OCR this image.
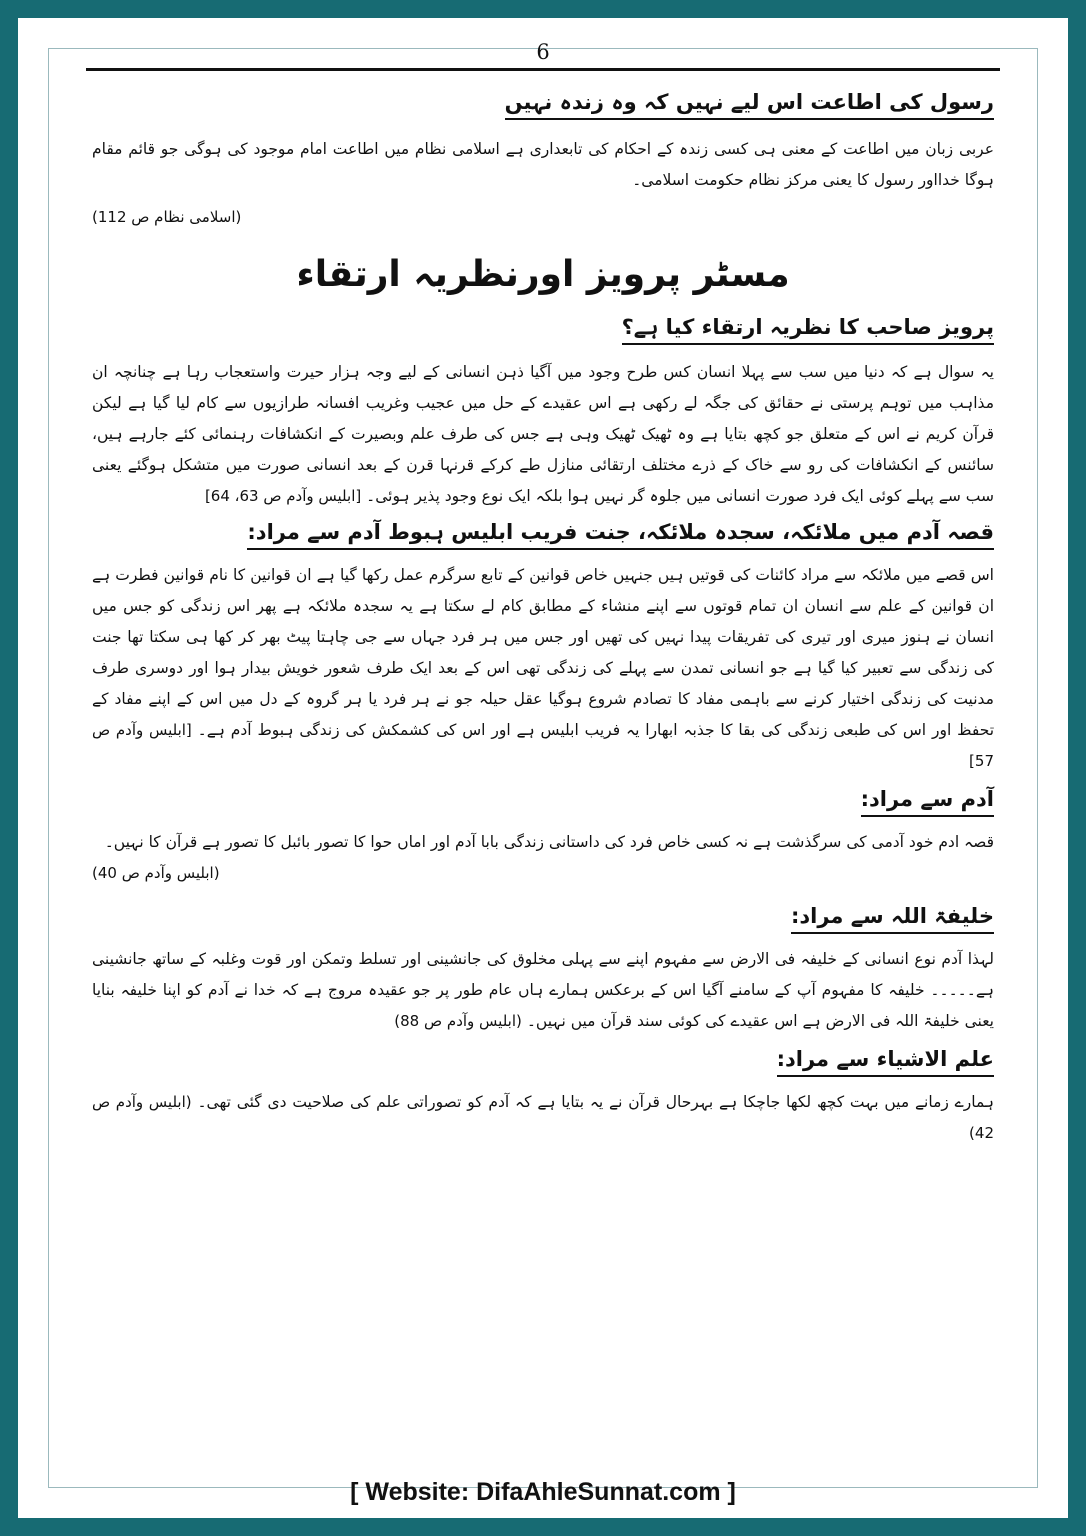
6
رسول کی اطاعت اس لیے نہیں کہ وہ زندہ نہیں

عربی زبان میں اطاعت کے معنی ہی کسی زندہ کے احکام کی تابعداری ہے اسلامی نظام میں اطاعت امام موجود کی ہوگی جو قائم مقام ہوگا خدااور رسول کا یعنی مرکز نظام حکومت اسلامی۔

(اسلامی نظام ص 112)

مسٹر پرویز اورنظریہ ارتقاء
پرویز صاحب کا نظریہ ارتقاء کیا ہے؟

یہ سوال ہے کہ دنیا میں سب سے پہلا انسان کس طرح وجود میں آگیا ذہن انسانی کے لیے وجہ ہزار حیرت واستعجاب رہا ہے چنانچہ ان مذاہب میں توہم پرستی نے حقائق کی جگہ لے رکھی ہے اس عقیدے کے حل میں عجیب وغریب افسانہ طرازیوں سے کام لیا گیا ہے لیکن قرآن کریم نے اس کے متعلق جو کچھ بتایا ہے وہ ٹھیک ٹھیک وہی ہے جس کی طرف علم وبصیرت کے انکشافات رہنمائی کئے جارہے ہیں، سائنس کے انکشافات کی رو سے خاک کے ذرے مختلف ارتقائی منازل طے کرکے قرنہا قرن کے بعد انسانی صورت میں متشکل ہوگئے یعنی سب سے پہلے کوئی ایک فرد صورت انسانی میں جلوہ گر نہیں ہوا بلکہ ایک نوع وجود پذیر ہوئی۔ [ابلیس وآدم ص 63، 64]

قصہ آدم میں ملائکہ، سجدہ ملائکہ، جنت فریب ابلیس ہبوط آدم سے مراد:

اس قصے میں ملائکہ سے مراد کائنات کی قوتیں ہیں جنہیں خاص قوانین کے تابع سرگرم عمل رکھا گیا ہے ان قوانین کا نام قوانین فطرت ہے ان قوانین کے علم سے انسان ان تمام قوتوں سے اپنے منشاء کے مطابق کام لے سکتا ہے یہ سجدہ ملائکہ ہے پھر اس زندگی کو جس میں انسان نے ہنوز میری اور تیری کی تفریقات پیدا نہیں کی تھیں اور جس میں ہر فرد جہاں سے جی چاہتا پیٹ بھر کر کھا ہی سکتا تھا جنت کی زندگی سے تعبیر کیا گیا ہے جو انسانی تمدن سے پہلے کی زندگی تھی اس کے بعد ایک طرف شعور خویش بیدار ہوا اور دوسری طرف مدنیت کی زندگی اختیار کرنے سے باہمی مفاد کا تصادم شروع ہوگیا عقل حیلہ جو نے ہر فرد یا ہر گروہ کے دل میں اس کے اپنے مفاد کے تحفظ اور اس کی طبعی زندگی کی بقا کا جذبہ ابھارا یہ فریب ابلیس ہے اور اس کی کشمکش کی زندگی ہبوط آدم ہے۔ [ابلیس وآدم ص 57]

آدم سے مراد:

قصہ ادم خود آدمی کی سرگذشت ہے نہ کسی خاص فرد کی داستانی زندگی بابا آدم اور اماں حوا کا تصور بائبل کا تصور ہے قرآن کا نہیں۔

(ابلیس وآدم ص 40)

خلیفۃ اللہ سے مراد:

لہذا آدم نوع انسانی کے خلیفہ فی الارض سے مفہوم اپنے سے پہلی مخلوق کی جانشینی اور تسلط وتمکن اور قوت وغلبہ کے ساتھ جانشینی ہے۔۔۔۔۔ خلیفہ کا مفہوم آپ کے سامنے آگیا اس کے برعکس ہمارے ہاں عام طور پر جو عقیدہ مروج ہے کہ خدا نے آدم کو اپنا خلیفہ بنایا یعنی خلیفۃ اللہ فی الارض ہے اس عقیدے کی کوئی سند قرآن میں نہیں۔ (ابلیس وآدم ص 88)

علم الاشیاء سے مراد:

ہمارے زمانے میں بہت کچھ لکھا جاچکا ہے بہرحال قرآن نے یہ بتایا ہے کہ آدم کو تصوراتی علم کی صلاحیت دی گئی تھی۔ (ابلیس وآدم ص 42)

[ Website: DifaAhleSunnat.com ]
